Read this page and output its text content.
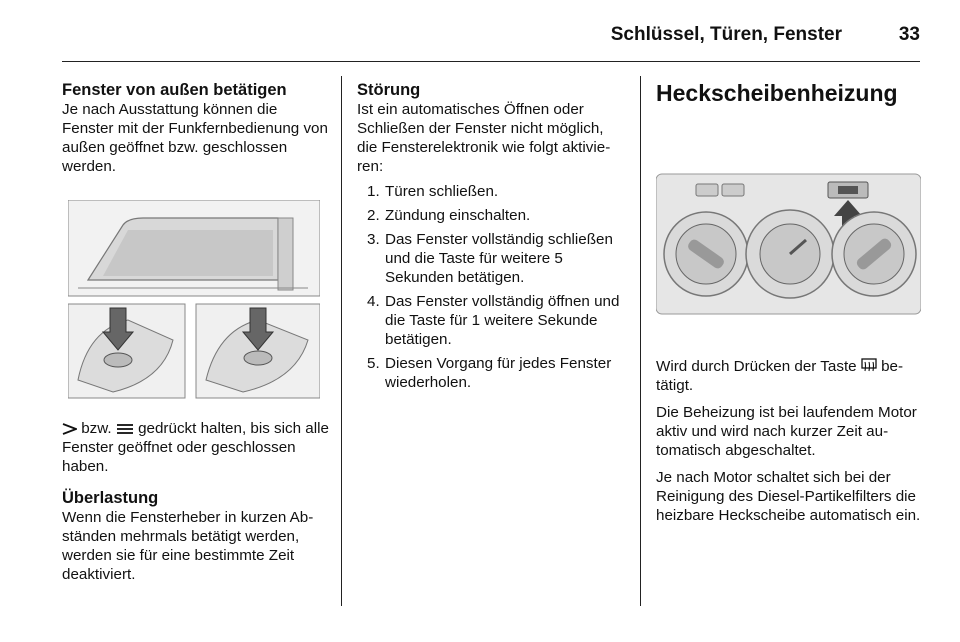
Schlüssel, Türen, Fenster	33
Fenster von außen betätigen

Je nach Ausstattung können die Fenster mit der Funkfernbedienung von außen geöffnet bzw. geschlossen werden.

bzw. gedrückt halten, bis sich alle Fenster geöffnet oder geschlossen haben.

Überlastung

Wenn die Fensterheber in kurzen Abständen mehrmals betätigt werden, werden sie für eine bestimmte Zeit deaktiviert.

Störung

Ist ein automatisches Öffnen oder Schließen der Fenster nicht möglich, die Fensterelektronik wie folgt aktivieren:

1. Türen schließen.
2. Zündung einschalten.
3. Das Fenster vollständig schließen und die Taste für weitere 5 Sekunden betätigen.
4. Das Fenster vollständig öffnen und die Taste für 1 weitere Sekunde betätigen.
5. Diesen Vorgang für jedes Fenster wiederholen.
Heckscheibenheizung

Wird durch Drücken der Taste betätigt.

Die Beheizung ist bei laufendem Motor aktiv und wird nach kurzer Zeit automatisch abgeschaltet.

Je nach Motor schaltet sich bei der Reinigung des Diesel-Partikelfilters die heizbare Heckscheibe automatisch ein.
